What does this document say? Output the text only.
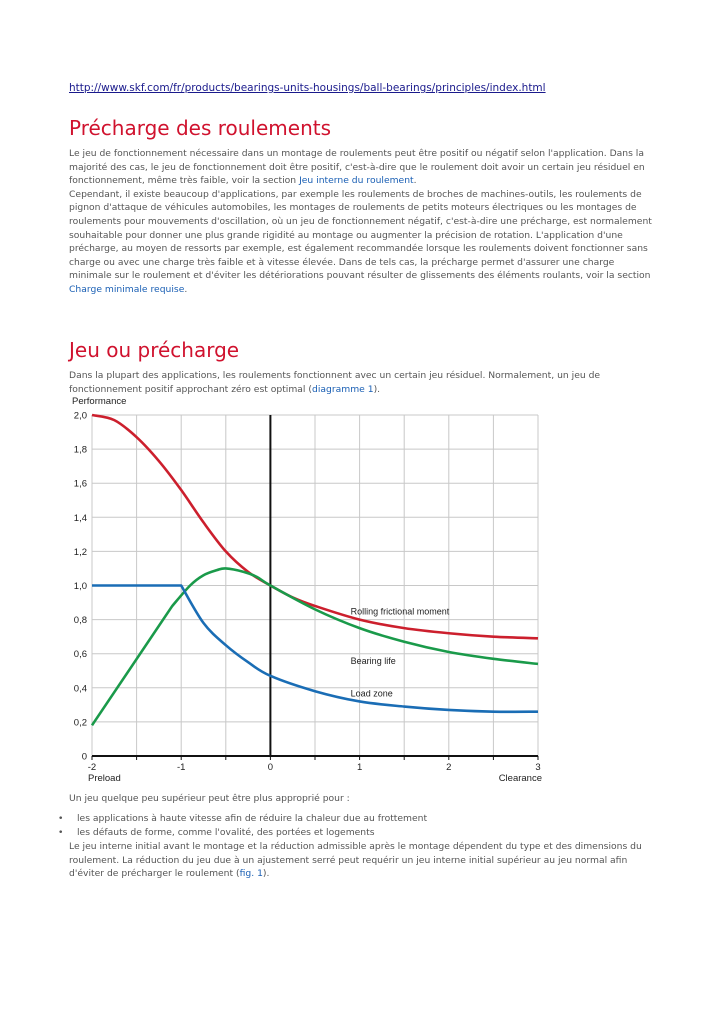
http://www.skf.com/fr/products/bearings-units-housings/ball-bearings/principles/index.html
Précharge des roulements
Le jeu de fonctionnement nécessaire dans un montage de roulements peut être positif ou négatif selon l'application. Dans la majorité des cas, le jeu de fonctionnement doit être positif, c'est-à-dire que le roulement doit avoir un certain jeu résiduel en fonctionnement, même très faible, voir la section Jeu interne du roulement.
Cependant, il existe beaucoup d'applications, par exemple les roulements de broches de machines-outils, les roulements de pignon d'attaque de véhicules automobiles, les montages de roulements de petits moteurs électriques ou les montages de roulements pour mouvements d'oscillation, où un jeu de fonctionnement négatif, c'est-à-dire une précharge, est normalement souhaitable pour donner une plus grande rigidité au montage ou augmenter la précision de rotation. L'application d'une précharge, au moyen de ressorts par exemple, est également recommandée lorsque les roulements doivent fonctionner sans charge ou avec une charge très faible et à vitesse élevée. Dans de tels cas, la précharge permet d'assurer une charge minimale sur le roulement et d'éviter les détériorations pouvant résulter de glissements des éléments roulants, voir la section Charge minimale requise.
Jeu ou précharge
Dans la plupart des applications, les roulements fonctionnent avec un certain jeu résiduel. Normalement, un jeu de fonctionnement positif approchant zéro est optimal (diagramme 1).
0
0,2
0,4
0,6
0,8
1,0
1,2
1,4
1,6
1,8
2,0
-2	-1	0	1	2	3
Performance
Preload	Clearance
Rolling frictional moment
Bearing life
Load zone
Un jeu quelque peu supérieur peut être plus approprié pour :
• les applications à haute vitesse afin de réduire la chaleur due au frottement
• les défauts de forme, comme l'ovalité, des portées et logements
Le jeu interne initial avant le montage et la réduction admissible après le montage dépendent du type et des dimensions du roulement. La réduction du jeu due à un ajustement serré peut requérir un jeu interne initial supérieur au jeu normal afin d'éviter de précharger le roulement (fig. 1).
